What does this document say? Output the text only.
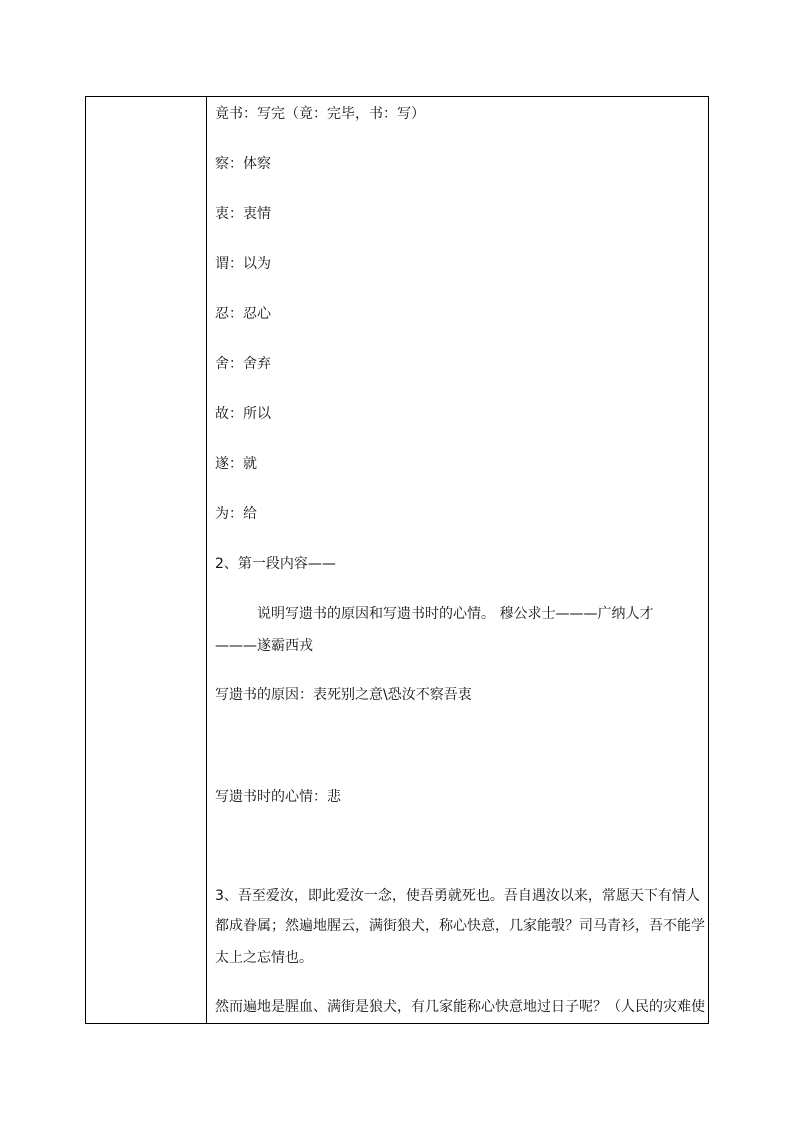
竟书：写完（竟：完毕，书：写）
察：体察
衷：衷情
谓：以为
忍：忍心
舍：舍弃
故：所以
遂：就
为：给
2、第一段内容——
说明写遗书的原因和写遗书时的心情。 穆公求士———广纳人才
———遂霸西戎
写遗书的原因：表死别之意\恐汝不察吾衷
写遗书时的心情：悲
3、吾至爱汝，即此爱汝一念，使吾勇就死也。吾自遇汝以来，常愿天下有情人
都成眷属；然遍地腥云，满街狼犬，称心快意，几家能彀？司马青衫，吾不能学
太上之忘情也。
然而遍地是腥血、满街是狼犬，有几家能称心快意地过日子呢？（人民的灾难使
